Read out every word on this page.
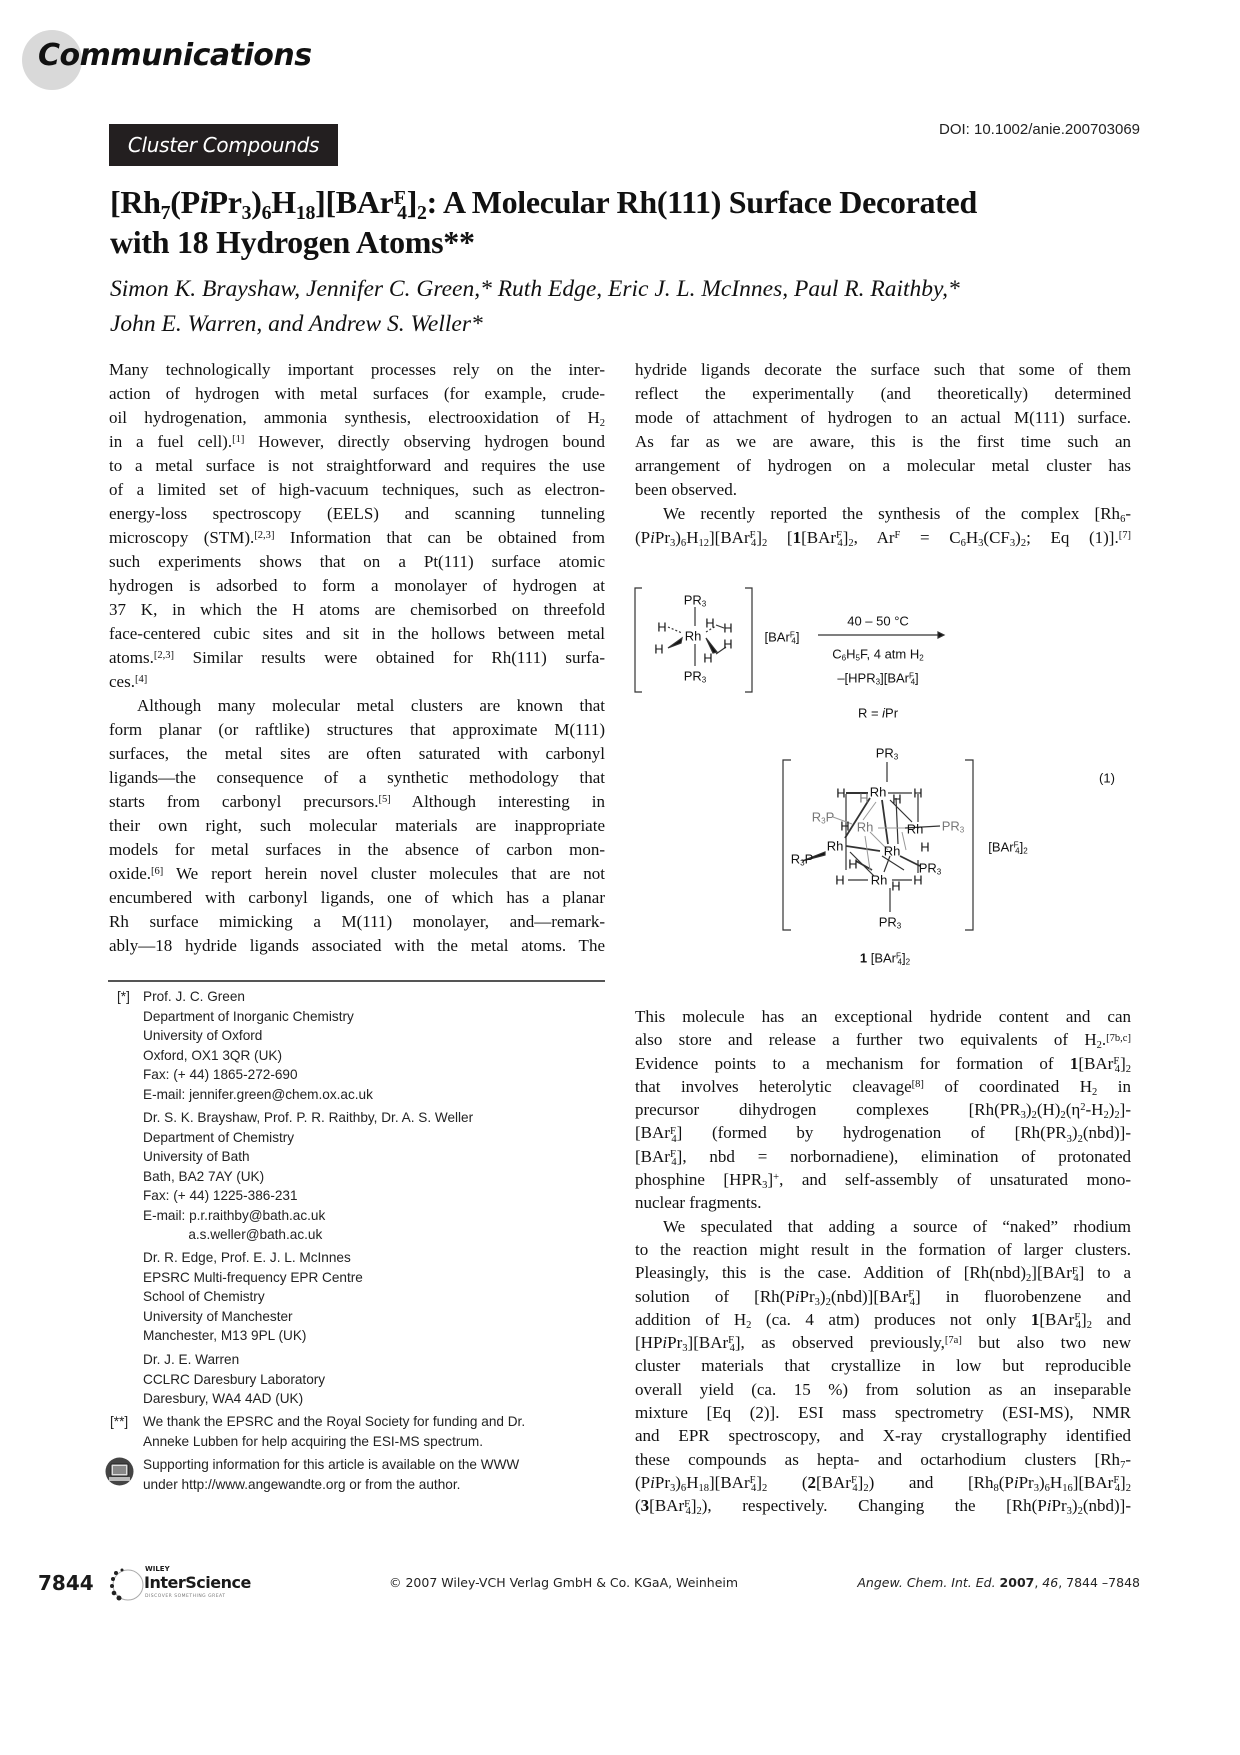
Communications
Cluster Compounds
DOI: 10.1002/anie.200703069
$[Rh_7(PiPr_3)_6H_{18}][BAr^F_4]_2$: A Molecular Rh(111) Surface Decorated
with 18 Hydrogen Atoms**
Simon K. Brayshaw, Jennifer C. Green,* Ruth Edge, Eric J. L. McInnes, Paul R. Raithby,*
John E. Warren, and Andrew S. Weller*
Many technologically important processes rely on the inter-
action of hydrogen with metal surfaces (for example, crude-
oil hydrogenation, ammonia synthesis, electrooxidation of $H_2$
in a fuel cell).[1] However, directly observing hydrogen bound
to a metal surface is not straightforward and requires the use
of a limited set of high-vacuum techniques, such as electron-
energy-loss spectroscopy (EELS) and scanning tunneling
microscopy (STM).[2,3] Information that can be obtained from
such experiments shows that on a Pt(111) surface atomic
hydrogen is adsorbed to form a monolayer of hydrogen at
37 K, in which the H atoms are chemisorbed on threefold
face-centered cubic sites and sit in the hollows between metal
atoms.[2,3] Similar results were obtained for Rh(111) surfa-
ces.[4]
Although many molecular metal clusters are known that
form planar (or raftlike) structures that approximate M(111)
surfaces, the metal sites are often saturated with carbonyl
ligands—the consequence of a synthetic methodology that
starts from carbonyl precursors.[5] Although interesting in
their own right, such molecular materials are inappropriate
models for metal surfaces in the absence of carbon mon-
oxide.[6] We report herein novel cluster molecules that are not
encumbered with carbonyl ligands, one of which has a planar
Rh surface mimicking a M(111) monolayer, and—remark-
ably—18 hydride ligands associated with the metal atoms. The
hydride ligands decorate the surface such that some of them
reflect the experimentally (and theoretically) determined
mode of attachment of hydrogen to an actual M(111) surface.
As far as we are aware, this is the first time such an
arrangement of hydrogen on a molecular metal cluster has
been observed.
We recently reported the synthesis of the complex [$Rh_6-$
$(PiPr_3)_6H_{12}][BAr^F_4]_2$ [$1[BAr^F_4]_2$, $Ar^F = C_6H_3(CF_3)_2$; Eq (1)].[7]
This molecule has an exceptional hydride content and can
also store and release a further two equivalents of $H_2.[7b,c]$
Evidence points to a mechanism for formation of $1[BAr^F_4]_2$
that involves heterolytic cleavage[8] of coordinated $H_2$ in
precursor dihydrogen complexes $[Rh(PR_3)_2(H)_2(\eta^2-H_2)_2]-$
[BAr$^F_4$] (formed by hydrogenation of $[Rh(PR_3)_2(nbd)]-$
[BAr$^F_4$], nbd = norbornadiene), elimination of protonated
phosphine $[HPR_3]^+$, and self-assembly of unsaturated mono-
nuclear fragments.
We speculated that adding a source of “naked” rhodium
to the reaction might result in the formation of larger clusters.
Pleasingly, this is the case. Addition of $[Rh(nbd)_2][BAr^F_4]$ to a
solution of $[Rh(PiPr_3)_2(nbd)][BAr^F_4]$ in fluorobenzene and
addition of $H_2$ (ca. 4 atm) produces not only $1[BAr^F_4]_2$ and
[HPiPr$_3$][BAr$^F_4$], as observed previously,[7a] but also two new
cluster materials that crystallize in low but reproducible
overall yield (ca. 15 %) from solution as an inseparable
mixture [Eq (2)]. ESI mass spectrometry (ESI-MS), NMR
and EPR spectroscopy, and X-ray crystallography identified
these compounds as hepta- and octarhodium clusters [$Rh_7-$
$(PiPr_3)_6H_{18}][BAr^F_4]_2$ $(2[BAr^F_4]_2)$ and $[Rh_8(PiPr_3)_6H_{16}][BAr^F_4]_2$
$(3[BAr^F_4]_2)$, respectively. Changing the $[Rh(PiPr_3)_2(nbd)]-$
$PR_3$
Rh
H
H
H H
H
H
$PR_3$
[BAr$^F_4$]
40 – 50 °C
$C_6H_5F$, 4 atm $H_2$
$-[HPR_3][BAr^F_4]$
R = iPr
$PR_3$
Rh
H	H
H H
$R_3P$
H Rh	Rh $PR_3$
Rh	Rh H
$R_3P$	H	$PR_3$
H Rh H H
$PR_3$
$[BAr^F_4]_2$
(1)
1 $[BAr^F_4]_2$
[*] Prof. J. C. Green
Department of Inorganic Chemistry
University of Oxford
Oxford, OX1 3QR (UK)
Fax: (+ 44) 1865-272-690
E-mail: jennifer.green@chem.ox.ac.uk
Dr. S. K. Brayshaw, Prof. P. R. Raithby, Dr. A. S. Weller
Department of Chemistry
University of Bath
Bath, BA2 7AY (UK)
Fax: (+ 44) 1225-386-231
E-mail: p.r.raithby@bath.ac.uk
a.s.weller@bath.ac.uk
Dr. R. Edge, Prof. E. J. L. McInnes
EPSRC Multi-frequency EPR Centre
School of Chemistry
University of Manchester
Manchester, M13 9PL (UK)
Dr. J. E. Warren
CCLRC Daresbury Laboratory
Daresbury, WA4 4AD (UK)
[**] We thank the EPSRC and the Royal Society for funding and Dr.
Anneke Lubben for help acquiring the ESI-MS spectrum.
Supporting information for this article is available on the WWW
under http://www.angewandte.org or from the author.
7844
WILEY
InterScience
DISCOVER SOMETHING GREAT
© 2007 Wiley-VCH Verlag GmbH & Co. KGaA, Weinheim	Angew. Chem. Int. Ed. 2007, 46, 7844 –7848
